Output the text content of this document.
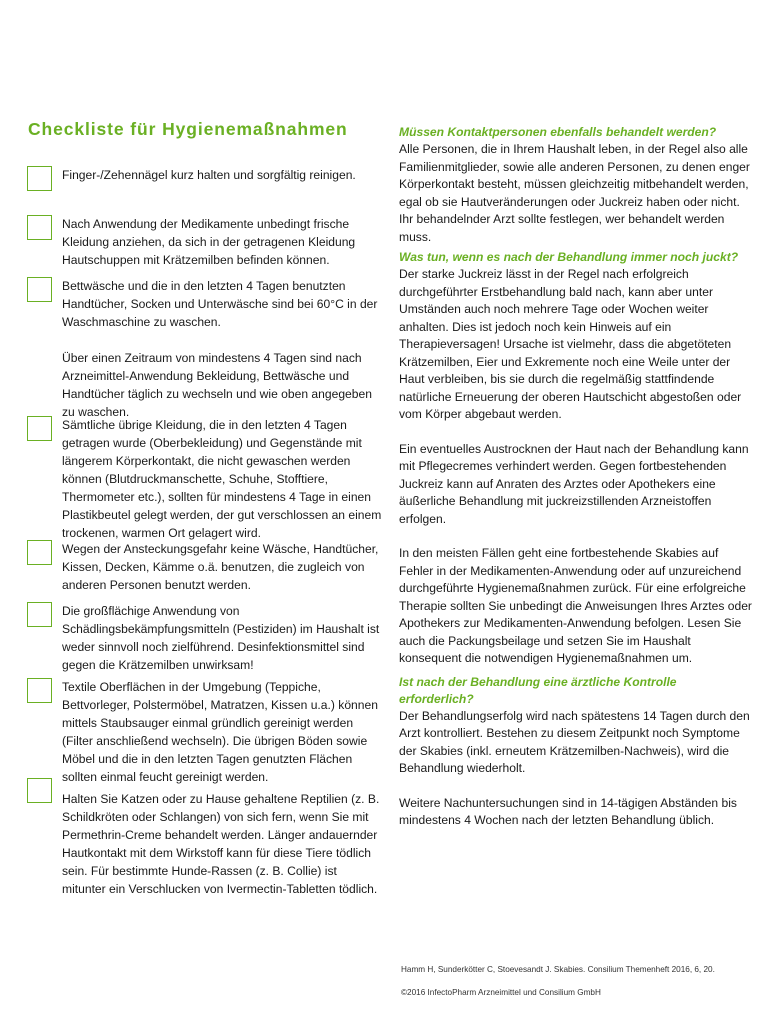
Checkliste für Hygienemaßnahmen

Finger-/Zehennägel kurz halten und sorgfältig reinigen.

Nach Anwendung der Medikamente unbedingt frische Kleidung anziehen, da sich in der getragenen Kleidung Hautschuppen mit Krätzemilben befinden können.

Bettwäsche und die in den letzten 4 Tagen benutzten Handtücher, Socken und Unterwäsche sind bei 60°C in der Waschmaschine zu waschen.

Über einen Zeitraum von mindestens 4 Tagen sind nach Arzneimittel-Anwendung Bekleidung, Bettwäsche und Handtücher täglich zu wechseln und wie oben angegeben zu waschen.

Sämtliche übrige Kleidung, die in den letzten 4 Tagen getragen wurde (Oberbekleidung) und Gegenstände mit längerem Körperkontakt, die nicht gewaschen werden können (Blutdruckmanschette, Schuhe, Stofftiere, Thermometer etc.), sollten für mindestens 4 Tage in einen Plastikbeutel gelegt werden, der gut verschlossen an einem trockenen, warmen Ort gelagert wird.

Wegen der Ansteckungsgefahr keine Wäsche, Handtücher, Kissen, Decken, Kämme o.ä. benutzen, die zugleich von anderen Personen benutzt werden.

Die großflächige Anwendung von Schädlingsbekämpfungsmitteln (Pestiziden) im Haushalt ist weder sinnvoll noch zielführend. Desinfektionsmittel sind gegen die Krätzemilben unwirksam!

Textile Oberflächen in der Umgebung (Teppiche, Bettvorleger, Polstermöbel, Matratzen, Kissen u.a.) können mittels Staubsauger einmal gründlich gereinigt werden (Filter anschließend wechseln). Die übrigen Böden sowie Möbel und die in den letzten Tagen genutzten Flächen sollten einmal feucht gereinigt werden.

Halten Sie Katzen oder zu Hause gehaltene Reptilien (z. B. Schildkröten oder Schlangen) von sich fern, wenn Sie mit Permethrin-Creme behandelt werden. Länger andauernder Hautkontakt mit dem Wirkstoff kann für diese Tiere tödlich sein. Für bestimmte Hunde-Rassen (z. B. Collie) ist mitunter ein Verschlucken von Ivermectin-Tabletten tödlich.

Müssen Kontaktpersonen ebenfalls behandelt werden?

Alle Personen, die in Ihrem Haushalt leben, in der Regel also alle Familienmitglieder, sowie alle anderen Personen, zu denen enger Körperkontakt besteht, müssen gleichzeitig mitbehandelt werden, egal ob sie Hautveränderungen oder Juckreiz haben oder nicht. Ihr behandelnder Arzt sollte festlegen, wer behandelt werden muss.

Was tun, wenn es nach der Behandlung immer noch juckt?

Der starke Juckreiz lässt in der Regel nach erfolgreich durchgeführter Erstbehandlung bald nach, kann aber unter Umständen auch noch mehrere Tage oder Wochen weiter anhalten. Dies ist jedoch noch kein Hinweis auf ein Therapieversagen! Ursache ist vielmehr, dass die abgetöteten Krätzemilben, Eier und Exkremente noch eine Weile unter der Haut verbleiben, bis sie durch die regelmäßig stattfindende natürliche Erneuerung der oberen Hautschicht abgestoßen oder vom Körper abgebaut werden.

Ein eventuelles Austrocknen der Haut nach der Behandlung kann mit Pflegecremes verhindert werden. Gegen fortbestehenden Juckreiz kann auf Anraten des Arztes oder Apothekers eine äußerliche Behandlung mit juckreizstillenden Arzneistoffen erfolgen.

In den meisten Fällen geht eine fortbestehende Skabies auf Fehler in der Medikamenten-Anwendung oder auf unzureichend durchgeführte Hygienemaßnahmen zurück. Für eine erfolgreiche Therapie sollten Sie unbedingt die Anweisungen Ihres Arztes oder Apothekers zur Medikamenten-Anwendung befolgen. Lesen Sie auch die Packungsbeilage und setzen Sie im Haushalt konsequent die notwendigen Hygienemaßnahmen um.

Ist nach der Behandlung eine ärztliche Kontrolle erforderlich?

Der Behandlungserfolg wird nach spätestens 14 Tagen durch den Arzt kontrolliert. Bestehen zu diesem Zeitpunkt noch Symptome der Skabies (inkl. erneutem Krätzemilben-Nachweis), wird die Behandlung wiederholt.

Weitere Nachuntersuchungen sind in 14-tägigen Abständen bis mindestens 4 Wochen nach der letzten Behandlung üblich.

Hamm H, Sunderkötter C, Stoevesandt J. Skabies. Consilium Themenheft 2016, 6, 20.
©2016 InfectoPharm Arzneimittel und Consilium GmbH
